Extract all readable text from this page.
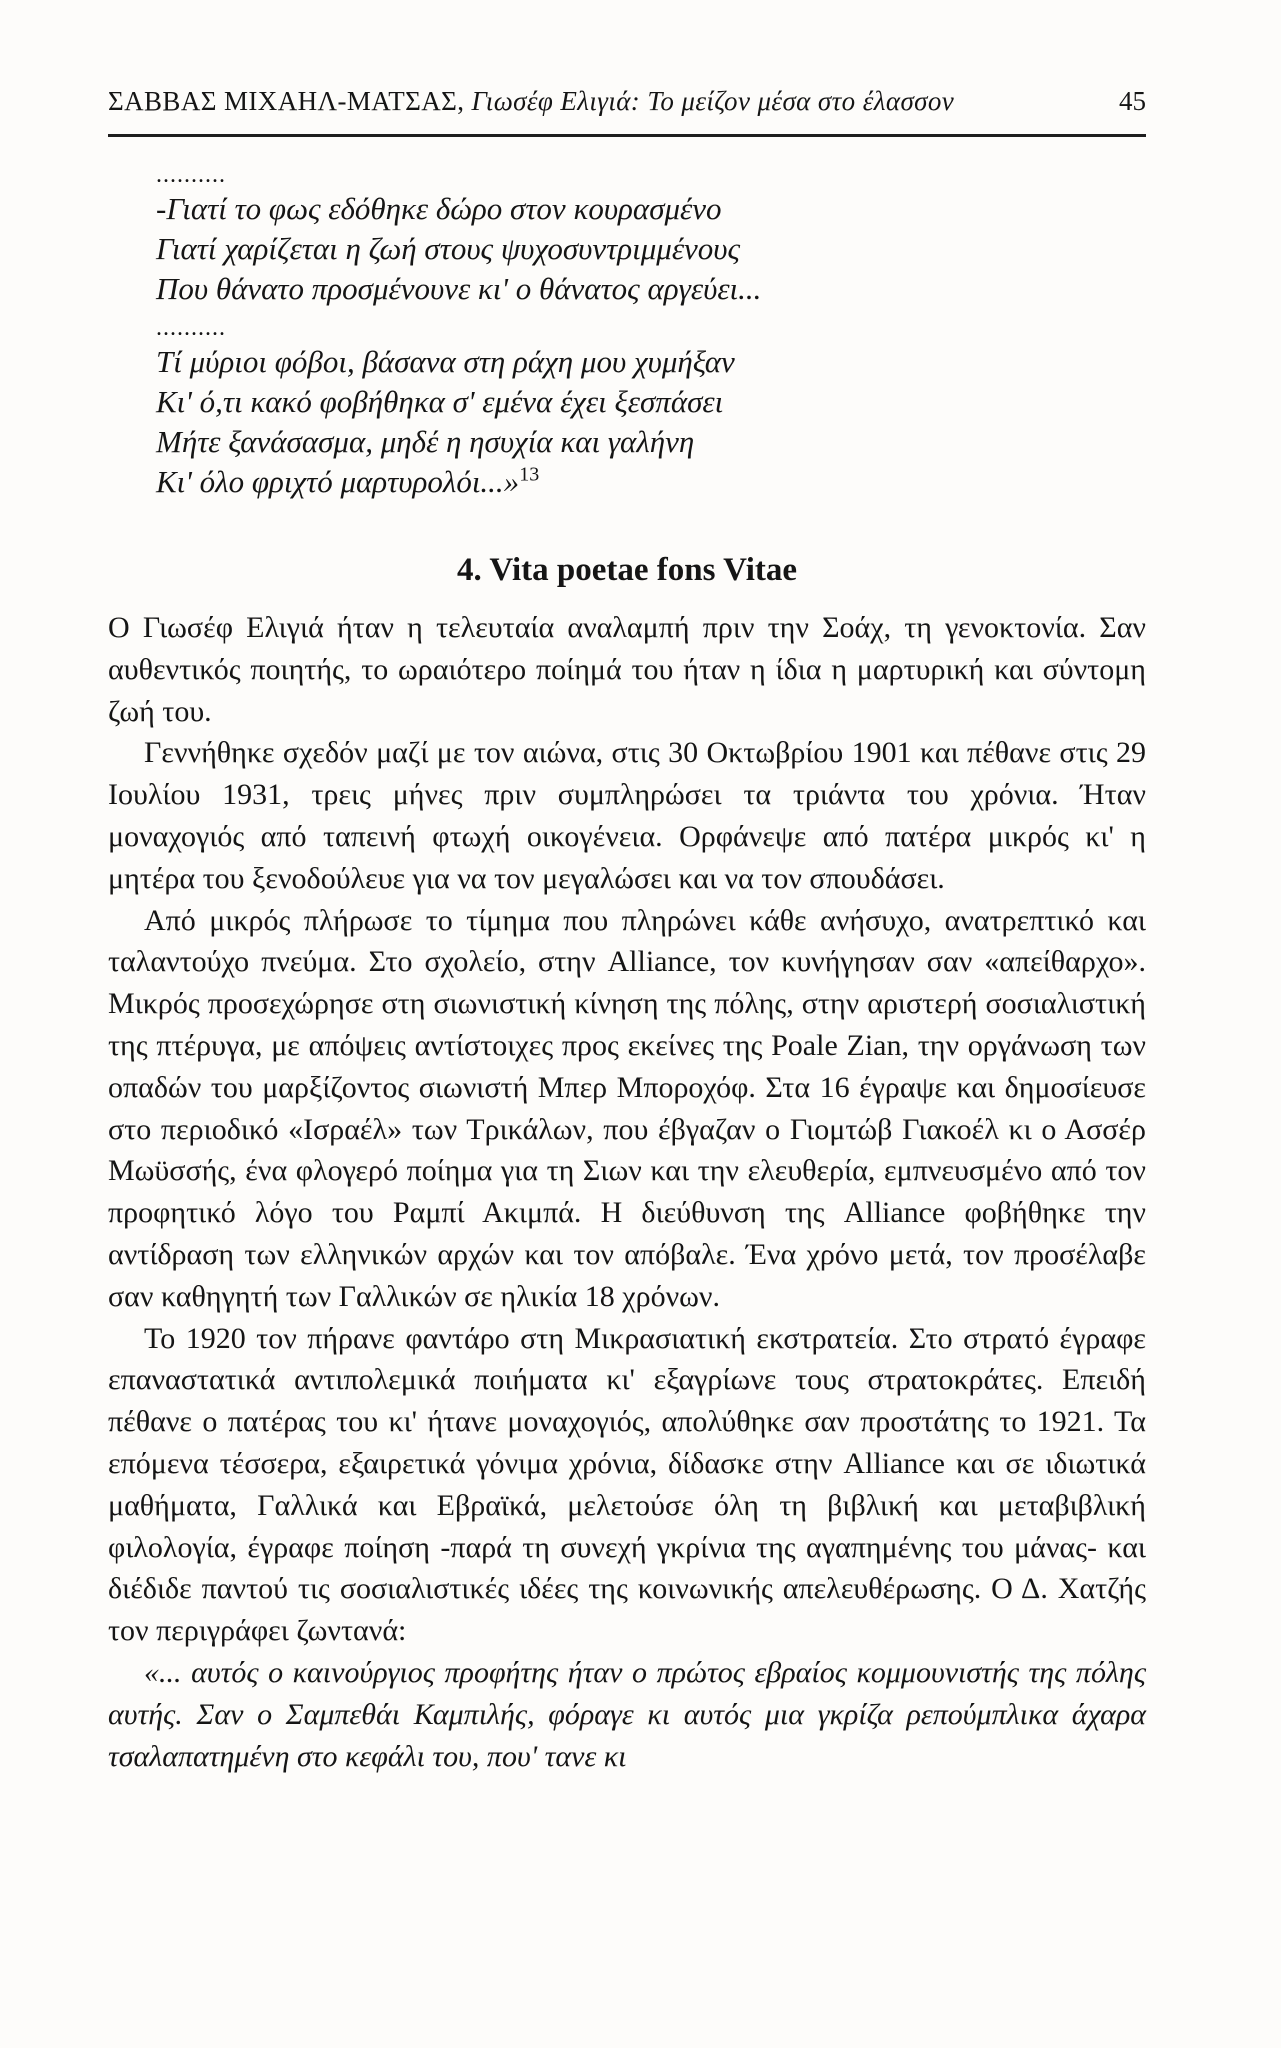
ΣΑΒΒΑΣ ΜΙΧΑΗΛ-ΜΑΤΣΑΣ, Γιωσέφ Ελιγιά: Το μείζον μέσα στο έλασσον	45
..........
-Γιατί το φως εδόθηκε δώρο στον κουρασμένο
Γιατί χαρίζεται η ζωή στους ψυχοσυντριμμένους
Που θάνατο προσμένουνε κι' ο θάνατος αργεύει...
..........
Τί μύριοι φόβοι, βάσανα στη ράχη μου χυμήξαν
Κι' ό,τι κακό φοβήθηκα σ' εμένα έχει ξεσπάσει
Μήτε ξανάσασμα, μηδέ η ησυχία και γαλήνη
Κι' όλο φριχτό μαρτυρολόι...»$^{13}$
4. Vita poetae fons Vitae

Ο Γιωσέφ Ελιγιά ήταν η τελευταία αναλαμπή πριν την Σοάχ, τη γενοκτονία. Σαν αυθεντικός ποιητής, το ωραιότερο ποίημά του ήταν η ίδια η μαρτυρική και σύντομη ζωή του.

Γεννήθηκε σχεδόν μαζί με τον αιώνα, στις 30 Οκτωβρίου 1901 και πέθανε στις 29 Ιουλίου 1931, τρεις μήνες πριν συμπληρώσει τα τριάντα του χρόνια. Ήταν μοναχογιός από ταπεινή φτωχή οικογένεια. Ορφάνεψε από πατέρα μικρός κι' η μητέρα του ξενοδούλευε για να τον μεγαλώσει και να τον σπουδάσει.

Από μικρός πλήρωσε το τίμημα που πληρώνει κάθε ανήσυχο, ανατρεπτικό και ταλαντούχο πνεύμα. Στο σχολείο, στην Alliance, τον κυνήγησαν σαν «απείθαρχο». Μικρός προσεχώρησε στη σιωνιστική κίνηση της πόλης, στην αριστερή σοσιαλιστική της πτέρυγα, με απόψεις αντίστοιχες προς εκείνες της Poale Zian, την οργάνωση των οπαδών του μαρξίζοντος σιωνιστή Μπερ Μποροχόφ. Στα 16 έγραψε και δημοσίευσε στο περιοδικό «Ισραέλ» των Τρικάλων, που έβγαζαν ο Γιομτώβ Γιακοέλ κι ο Ασσέρ Μωϋσσής, ένα φλογερό ποίημα για τη Σιων και την ελευθερία, εμπνευσμένο από τον προφητικό λόγο του Ραμπί Ακιμπά. Η διεύθυνση της Alliance φοβήθηκε την αντίδραση των ελληνικών αρχών και τον απόβαλε. Ένα χρόνο μετά, τον προσέλαβε σαν καθηγητή των Γαλλικών σε ηλικία 18 χρόνων.

Το 1920 τον πήρανε φαντάρο στη Μικρασιατική εκστρατεία. Στο στρατό έγραφε επαναστατικά αντιπολεμικά ποιήματα κι' εξαγρίωνε τους στρατοκράτες. Επειδή πέθανε ο πατέρας του κι' ήτανε μοναχογιός, απολύθηκε σαν προστάτης το 1921. Τα επόμενα τέσσερα, εξαιρετικά γόνιμα χρόνια, δίδασκε στην Alliance και σε ιδιωτικά μαθήματα, Γαλλικά και Εβραϊκά, μελετούσε όλη τη βιβλική και μεταβιβλική φιλολογία, έγραφε ποίηση -παρά τη συνεχή γκρίνια της αγαπημένης του μάνας- και διέδιδε παντού τις σοσιαλιστικές ιδέες της κοινωνικής απελευθέρωσης. Ο Δ. Χατζής τον περιγράφει ζωντανά:

«... αυτός ο καινούργιος προφήτης ήταν ο πρώτος εβραίος κομμουνιστής της πόλης αυτής. Σαν ο Σαμπεθάι Καμπιλής, φόραγε κι αυτός μια γκρίζα ρεπούμπλικα άχαρα τσαλαπατημένη στο κεφάλι του, που' τανε κι
